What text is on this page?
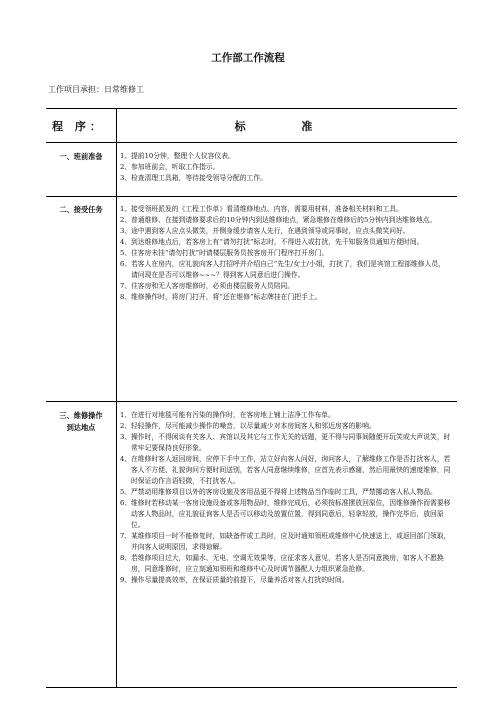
工作部工作流程
工作项目承担：日常维修工
程 序：	标 准
一、班前准备	1、 提前10分钟，整理个人仪容仪表。
2、 参加班前会，听取工作指示。
3、 检查清理工具箱，等待接受领导分配的工作。
二、接受任务	1、 接受领班派发的《工程工作单》看清维修地点、内容，需要用材料，准备相关材料和工具。
2、 普通维修、在接到请修要求后的10分钟内到达维修地点，紧急维修在维修后的5分钟内到达维修地点。
3、 途中遇到客人应点头微笑，并侧身缓步请客人先行，在遇到领导或同事时，应点头微笑问好。
4、 到达维修地点后，若客房上有“请勿打扰”标志时，不得进入或打扰，先千知服务员通知方便时间。
5、 住客房未挂“请勿打扰”时请楼层服务员按客房开门程序打开房门。
6、 若客人在房内，应礼貌向客人打招呼并介绍自己“先生/女士/小姐，打扰了，我们是宾馆工程部维修人员，请问现在是否可以维修~~~？得到客人同意后进门操作。
7、 住客房和无人客房维修时，必须由楼层服务人员陪同。
8、 维修操作时，将房门打开，将“还在维修”标志牌挂在门把手上。
三、维修操作
到达地点
1、 在进行对地毯可能有污染的操作时，在客房地上铺上洁净工作布单。
2、 轻轻操作，尽可能减少操作的噪音，以尽量减少对本房间客人和邻近房客的影响。
3、 操作时，不得闲谈有关客人、宾馆以及其它与工作无关的话题，更不得与同事间随便开玩笑或大声说笑，时常牢记要保持良好形象。
4、 在维修时客人返回房间，应停下手中工作，站立好向客人问好，询问客人，了解维修工作是否打扰客人，若客人不方便、礼貌询问方便时间送别，若客人同意继续维修，应首先表示感谢，然后用最快的速度维修，同时保证动作言语轻微，不打扰客人。
5、 严禁动用维修项目以外的客房设施及客用品更不得将上述物品当作临时工具，严禁挪动客人私人物品。
6、 维修时若移动某一客房设施设备或客用物品时，维修完成后，必须按标准摆放回原位，因维修操作而需要移动客人物品时，应礼貌征询客人是否可以移动及放置位置，得到同意后，轻拿轻放，操作完毕后，放回原位。
7、 某维修项目一时不能修复时，如缺备件或工具时，应及时通知领班或维修中心快速送上，或返回部门领取，并向客人说明原因，求得谅解。
8、 若维修项目过大，如漏水、无电、空调无效果等，应征求客人意见，若客人是否同意换房，如客人不愿换房，同意维修时，应立刻通知领班和维修中心及时调节器配人力组织紧急抢修。
9、 操作尽量提高效率，在保证质量的前提下，尽量养活对客人打扰的时间。
